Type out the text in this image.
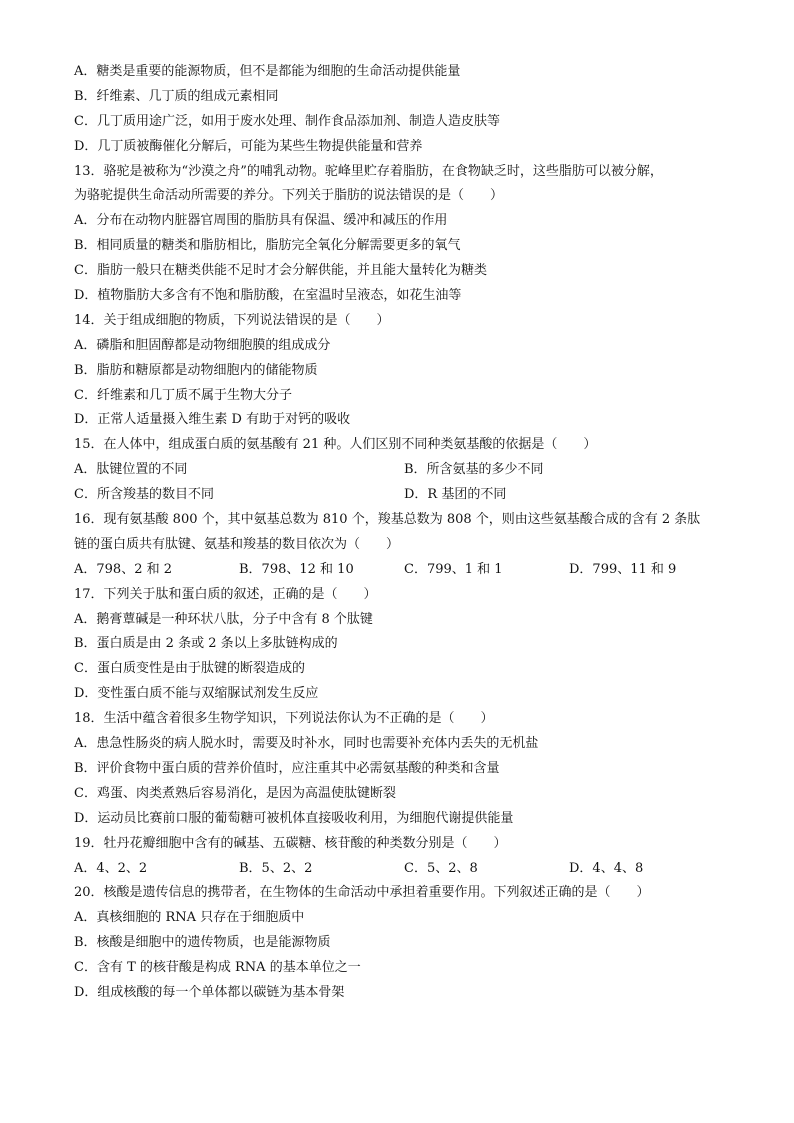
A．糖类是重要的能源物质，但不是都能为细胞的生命活动提供能量
B．纤维素、几丁质的组成元素相同
C．几丁质用途广泛，如用于废水处理、制作食品添加剂、制造人造皮肤等
D．几丁质被酶催化分解后，可能为某些生物提供能量和营养
13．骆驼是被称为“沙漠之舟”的哺乳动物。驼峰里贮存着脂肪，在食物缺乏时，这些脂肪可以被分解，
为骆驼提供生命活动所需要的养分。下列关于脂肪的说法错误的是（　　）
A．分布在动物内脏器官周围的脂肪具有保温、缓冲和减压的作用
B．相同质量的糖类和脂肪相比，脂肪完全氧化分解需要更多的氧气
C．脂肪一般只在糖类供能不足时才会分解供能，并且能大量转化为糖类
D．植物脂肪大多含有不饱和脂肪酸，在室温时呈液态，如花生油等
14．关于组成细胞的物质，下列说法错误的是（　　）
A．磷脂和胆固醇都是动物细胞膜的组成成分
B．脂肪和糖原都是动物细胞内的储能物质
C．纤维素和几丁质不属于生物大分子
D．正常人适量摄入维生素 D 有助于对钙的吸收
15．在人体中，组成蛋白质的氨基酸有 21 种。人们区别不同种类氨基酸的依据是（　　）
A．肽键位置的不同	B．所含氨基的多少不同
C．所含羧基的数目不同	D．R 基团的不同
16．现有氨基酸 800 个，其中氨基总数为 810 个，羧基总数为 808 个，则由这些氨基酸合成的含有 2 条肽
链的蛋白质共有肽键、氨基和羧基的数目依次为（　　）
A．798、2 和 2	B．798、12 和 10	C．799、1 和 1	D．799、11 和 9
17．下列关于肽和蛋白质的叙述，正确的是（　　）
A．鹅膏蕈碱是一种环状八肽，分子中含有 8 个肽键
B．蛋白质是由 2 条或 2 条以上多肽链构成的
C．蛋白质变性是由于肽键的断裂造成的
D．变性蛋白质不能与双缩脲试剂发生反应
18．生活中蕴含着很多生物学知识，下列说法你认为不正确的是（　　）
A．患急性肠炎的病人脱水时，需要及时补水，同时也需要补充体内丢失的无机盐
B．评价食物中蛋白质的营养价值时，应注重其中必需氨基酸的种类和含量
C．鸡蛋、肉类煮熟后容易消化，是因为高温使肽键断裂
D．运动员比赛前口服的葡萄糖可被机体直接吸收利用，为细胞代谢提供能量
19．牡丹花瓣细胞中含有的碱基、五碳糖、核苷酸的种类数分别是（　　）
A．4、2、2	B．5、2、2	C．5、2、8	D．4、4、8
20．核酸是遗传信息的携带者，在生物体的生命活动中承担着重要作用。下列叙述正确的是（　　）
A．真核细胞的 RNA 只存在于细胞质中
B．核酸是细胞中的遗传物质，也是能源物质
C．含有 T 的核苷酸是构成 RNA 的基本单位之一
D．组成核酸的每一个单体都以碳链为基本骨架
